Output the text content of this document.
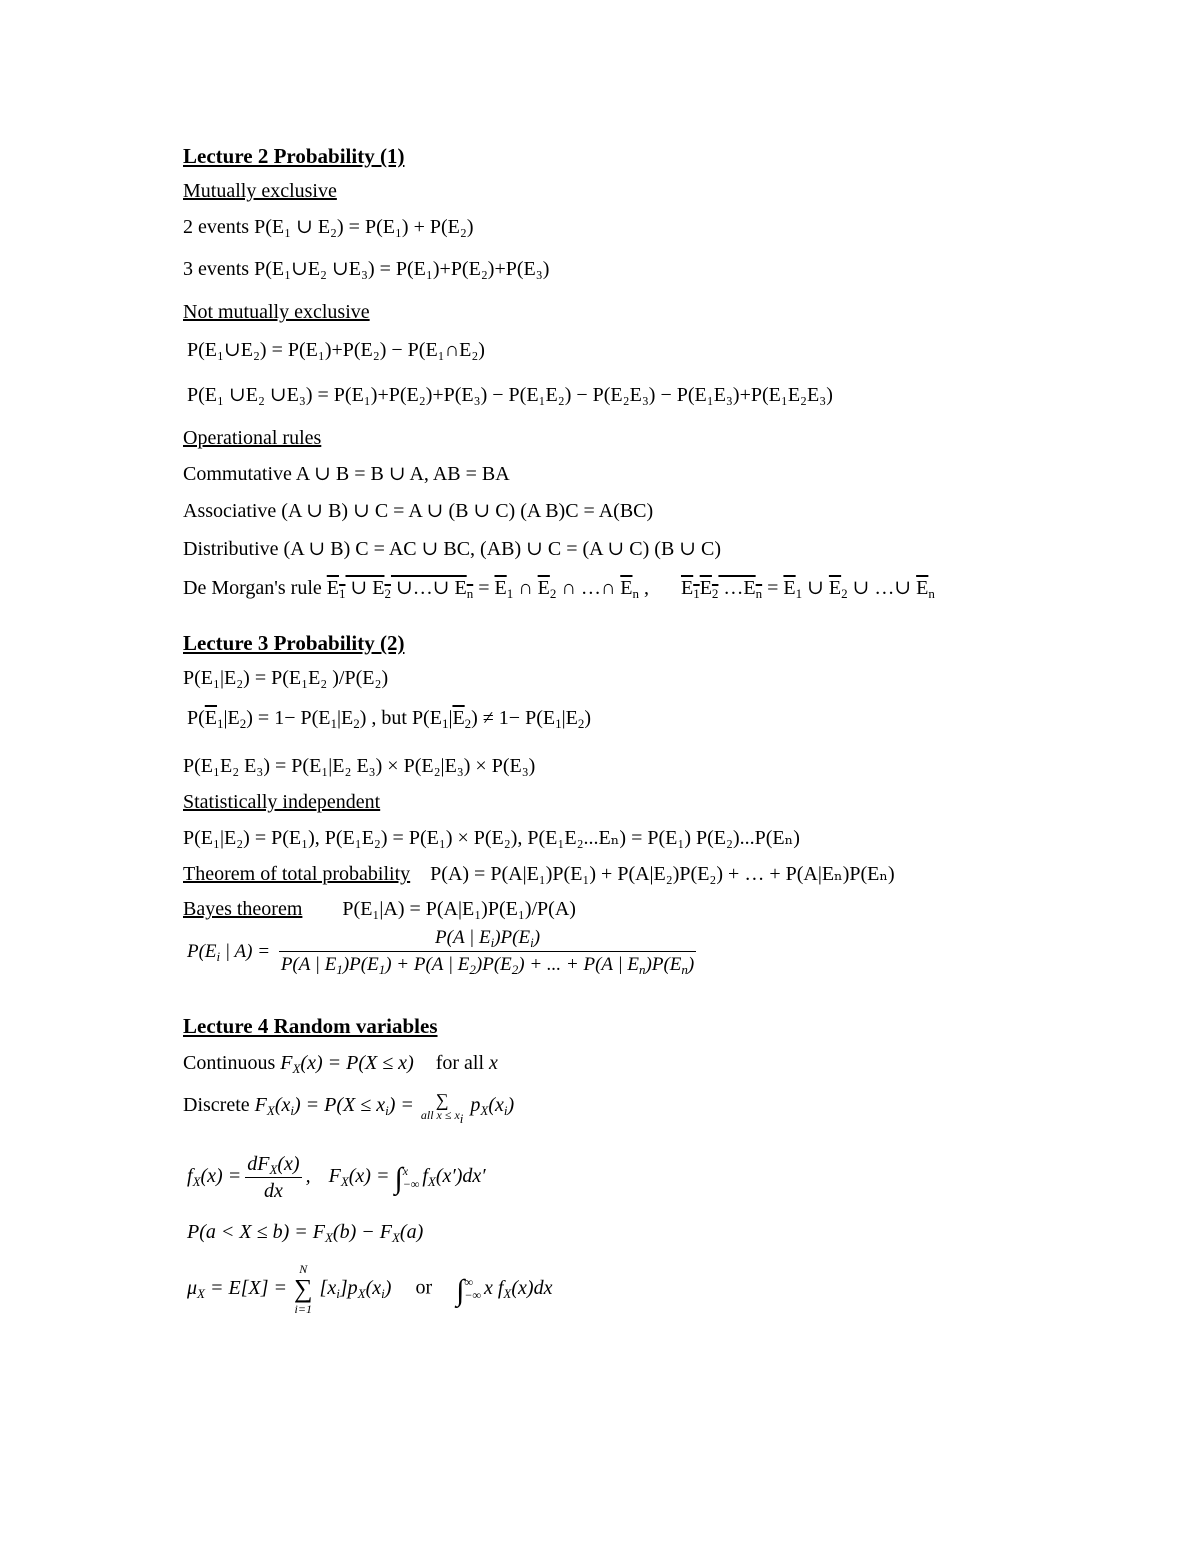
Lecture 2 Probability (1)
Mutually exclusive
2 events P(E₁ ∪ E₂) = P(E₁) + P(E₂)
3 events P(E₁∪E₂ ∪E₃) = P(E₁)+P(E₂)+P(E₃)
Not mutually exclusive
P(E₁∪E₂) = P(E₁)+P(E₂) − P(E₁∩E₂)
P(E₁ ∪E₂ ∪E₃) = P(E₁)+P(E₂)+P(E₃) − P(E₁E₂) − P(E₂E₃) − P(E₁E₃)+P(E₁E₂E₃)
Operational rules
Commutative A ∪ B = B ∪ A, AB = BA
Associative (A ∪ B) ∪ C = A ∪ (B ∪ C) (A B)C = A(BC)
Distributive (A ∪ B) C = AC ∪ BC, (AB) ∪ C = (A ∪ C) (B ∪ C)
De Morgan's rule $E_1$ ∪ $E_2$ ∪…∪ $E_n = \overline{E}_1$ ∩ $\overline{E}_2$ ∩ …∩ $\overline{E}_n$ , $E_1E_2$ $\dots E_n = \overline{E}_1$ ∪ $\overline{E}_2$ ∪ …∪ $\overline{E}_n$
Lecture 3 Probability (2)
P(E₁|E₂) = P(E₁E₂ )/P(E₂)
$P(\overline{E}_1|E_2) = 1- P(E_1|E_2)$ , but $P(E_1|\overline{E}_2) \ne 1- P(E_1|E_2)$
P(E₁E₂ E₃) = P(E₁|E₂ E₃) × P(E₂|E₃) × P(E₃)
Statistically independent
P(E₁|E₂) = P(E₁), P(E₁E₂) = P(E₁) × P(E₂), P(E₁E₂...Eₙ) = P(E₁) P(E₂)...P(Eₙ)
Theorem of total probability P(A) = P(A|E₁)P(E₁) + P(A|E₂)P(E₂) + … + P(A|Eₙ)P(Eₙ)
Bayes theorem P(E₁|A) = P(A|E₁)P(E₁)/P(A)
$P(E_i$ | $A) = \frac{P(A | E_i)P(E_i)}{P(A | E_1)P(E_1) + P(A | E_2)P(E_2) + ... + P(A | E_n)P(E_n)}$
Lecture 4 Random variables
Continuous $F_X(x) = P(X \le x)$ for all x
Discrete $F_X(x_i) = P(X \le x_i)$ = ∑
all $x \le x_i$
$p_X(x_i)$
$f_X(x) = \frac{dF_X(x)}{dx}$ , $F_X(x)$ = ∫ x
−∞ $f_X(x')dx'$
$P(a < X \le b) = F_X(b) - F_X(a)$
$\mu_X = E[X]$ =
N
∑
i=1
$[x_i]p_X(x_i)$ or ∫ ∞
−∞ x $f_X(x)dx$
